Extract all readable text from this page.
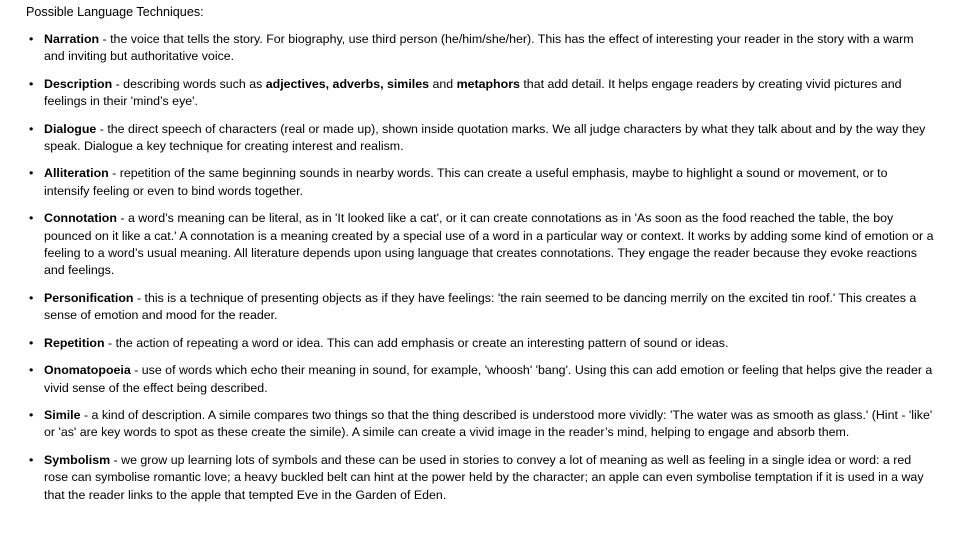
Possible Language Techniques:
• Narration - the voice that tells the story. For biography, use third person (he/him/she/her). This has the effect of interesting your reader in the story with a warm and inviting but authoritative voice.
• Description - describing words such as adjectives, adverbs, similes and metaphors that add detail. It helps engage readers by creating vivid pictures and feelings in their 'mind’s eye'.
• Dialogue - the direct speech of characters (real or made up), shown inside quotation marks. We all judge characters by what they talk about and by the way they speak. Dialogue a key technique for creating interest and realism.
• Alliteration - repetition of the same beginning sounds in nearby words. This can create a useful emphasis, maybe to highlight a sound or movement, or to intensify feeling or even to bind words together.
• Connotation - a word’s meaning can be literal, as in 'It looked like a cat', or it can create connotations as in 'As soon as the food reached the table, the boy pounced on it like a cat.' A connotation is a meaning created by a special use of a word in a particular way or context. It works by adding some kind of emotion or a feeling to a word’s usual meaning. All literature depends upon using language that creates connotations. They engage the reader because they evoke reactions and feelings.
• Personification - this is a technique of presenting objects as if they have feelings: 'the rain seemed to be dancing merrily on the excited tin roof.' This creates a sense of emotion and mood for the reader.
• Repetition - the action of repeating a word or idea. This can add emphasis or create an interesting pattern of sound or ideas.
• Onomatopoeia - use of words which echo their meaning in sound, for example, 'whoosh' 'bang'. Using this can add emotion or feeling that helps give the reader a vivid sense of the effect being described.
• Simile - a kind of description. A simile compares two things so that the thing described is understood more vividly: 'The water was as smooth as glass.' (Hint - 'like' or 'as' are key words to spot as these create the simile). A simile can create a vivid image in the reader’s mind, helping to engage and absorb them.
• Symbolism - we grow up learning lots of symbols and these can be used in stories to convey a lot of meaning as well as feeling in a single idea or word: a red rose can symbolise romantic love; a heavy buckled belt can hint at the power held by the character; an apple can even symbolise temptation if it is used in a way that the reader links to the apple that tempted Eve in the Garden of Eden.
